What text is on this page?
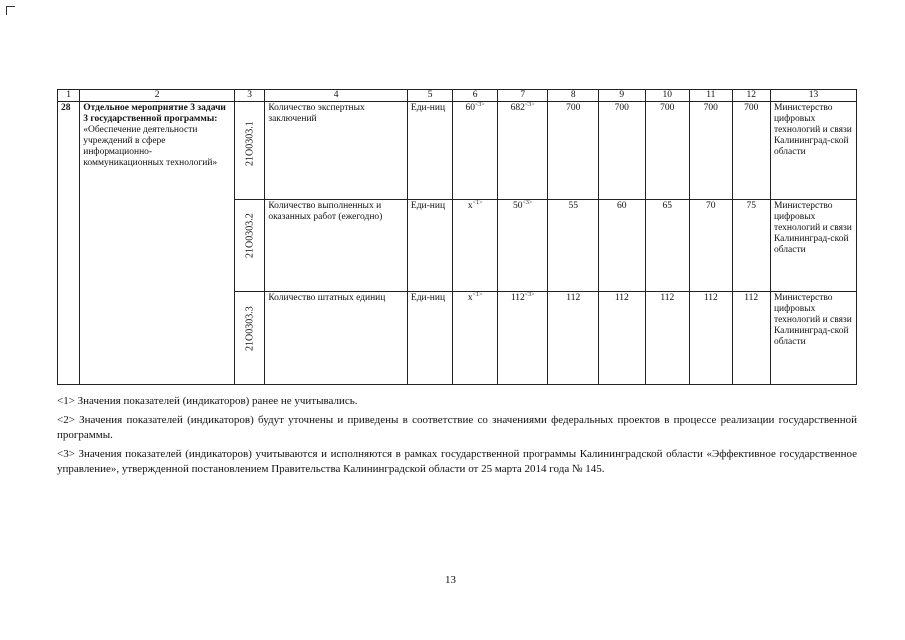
1	2	3	4	5	6	7	8	9	10	11	12	13
28	Отдельное мероприятие 3 задачи 3 государственной программы: «Обеспечение деятельности учреждений в сфере информационно-коммуникационных технологий»	21O0303.1	Количество экспертных заключений	Еди-ниц	$60^{<3>}$	$682^{<3>}$	700	700	700	700	700	Министерство цифровых технологий и связи Калининград-ской области

		21O0303.2	Количество выполненных и оказанных работ (ежегодно)	Еди-ниц	$х^{<1>}$	$50^{<3>}$	55	60	65	70	75	Министерство цифровых технологий и связи Калининград-ской области

		21O0303.3	Количество штатных единиц	Еди-ниц	$х^{<1>}$	$112^{<3>}$	112	112	112	112	112	Министерство цифровых технологий и связи Калининград-ской области

<1> Значения показателей (индикаторов) ранее не учитывались.

<2> Значения показателей (индикаторов) будут уточнены и приведены в соответствие со значениями федеральных проектов в процессе реализации государственной программы.

<3> Значения показателей (индикаторов) учитываются и исполняются в рамках государственной программы Калининградской области «Эффективное государственное управление», утвержденной постановлением Правительства Калининградской области от 25 марта 2014 года № 145.

13
